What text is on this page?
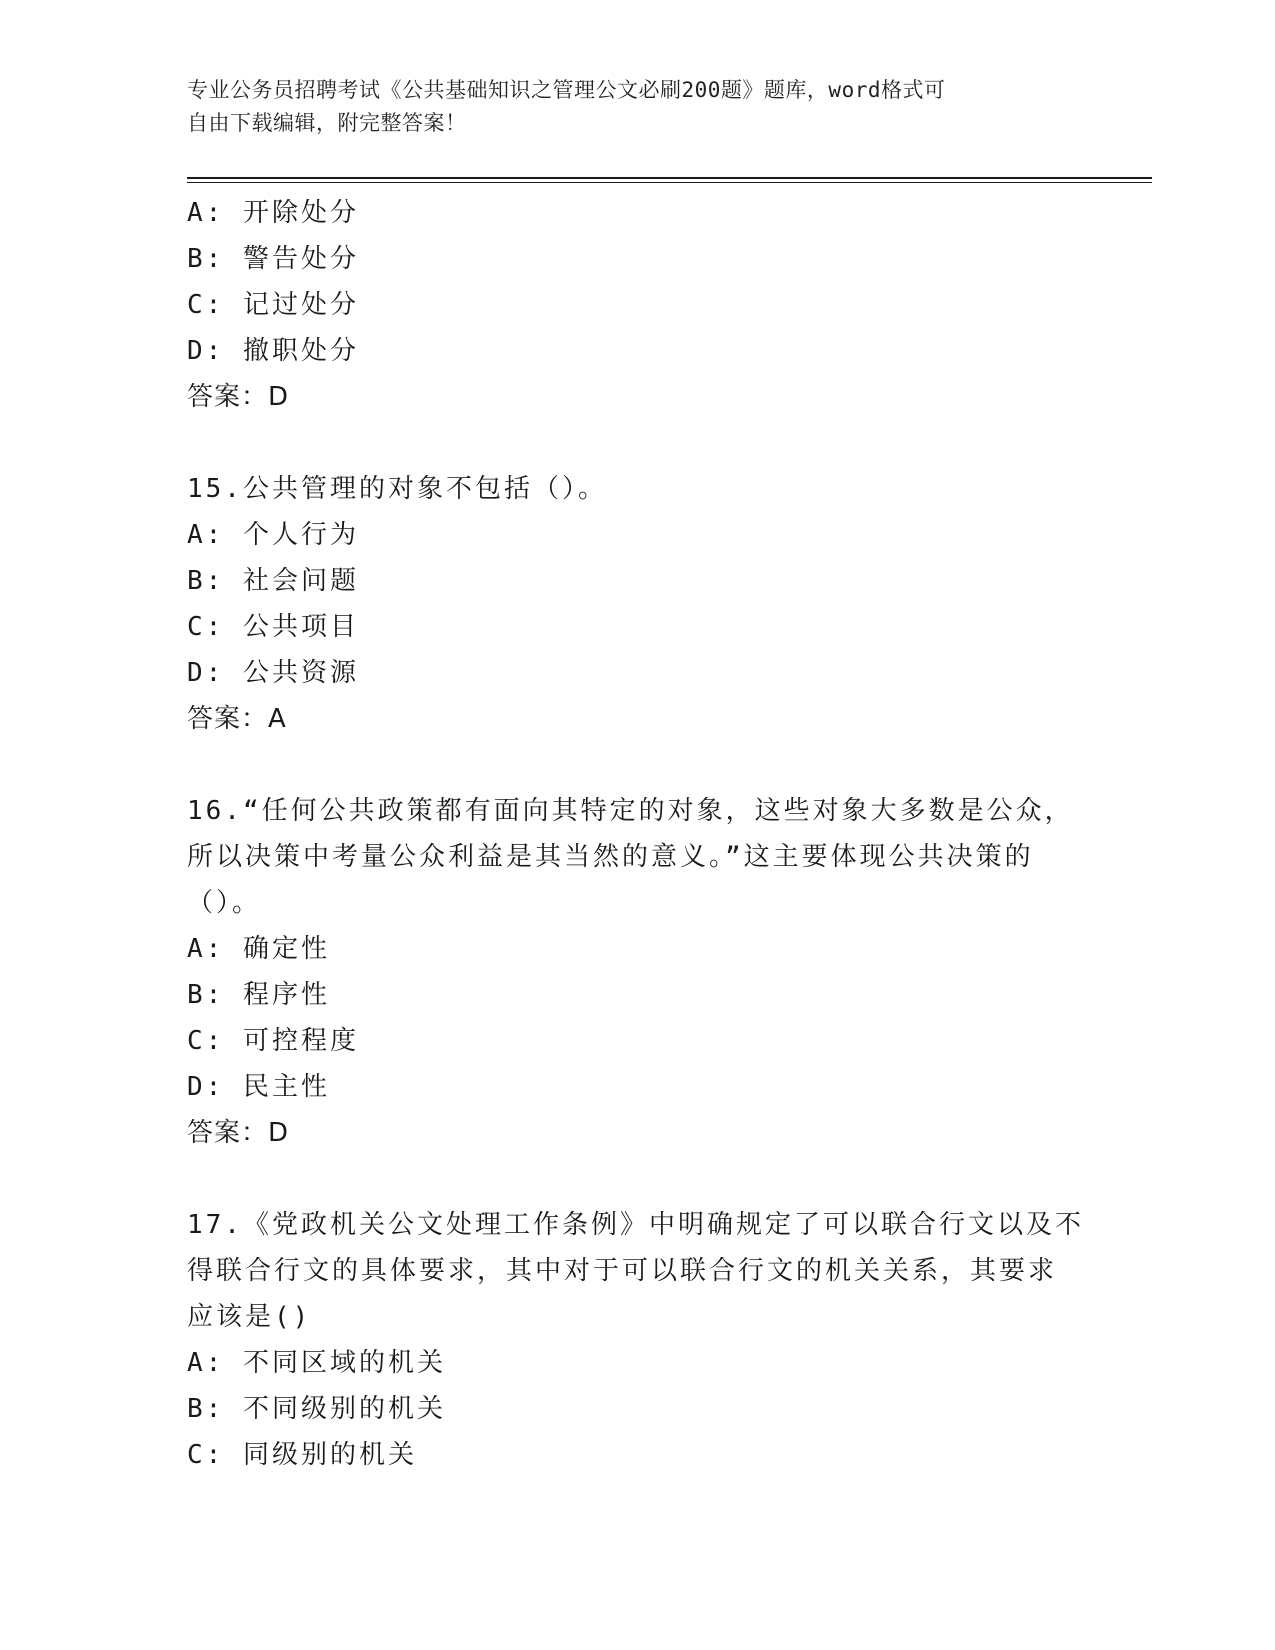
专业公务员招聘考试《公共基础知识之管理公文必刷200题》题库，word格式可
自由下载编辑，附完整答案！
A: 开除处分
B: 警告处分
C: 记过处分
D: 撤职处分
答案：D
15.公共管理的对象不包括（）。
A: 个人行为
B: 社会问题
C: 公共项目
D: 公共资源
答案：A
16.“任何公共政策都有面向其特定的对象，这些对象大多数是公众，
所以决策中考量公众利益是其当然的意义。”这主要体现公共决策的
（）。
A: 确定性
B: 程序性
C: 可控程度
D: 民主性
答案：D
17.《党政机关公文处理工作条例》中明确规定了可以联合行文以及不
得联合行文的具体要求，其中对于可以联合行文的机关关系，其要求
应该是()
A: 不同区域的机关
B: 不同级别的机关
C: 同级别的机关
